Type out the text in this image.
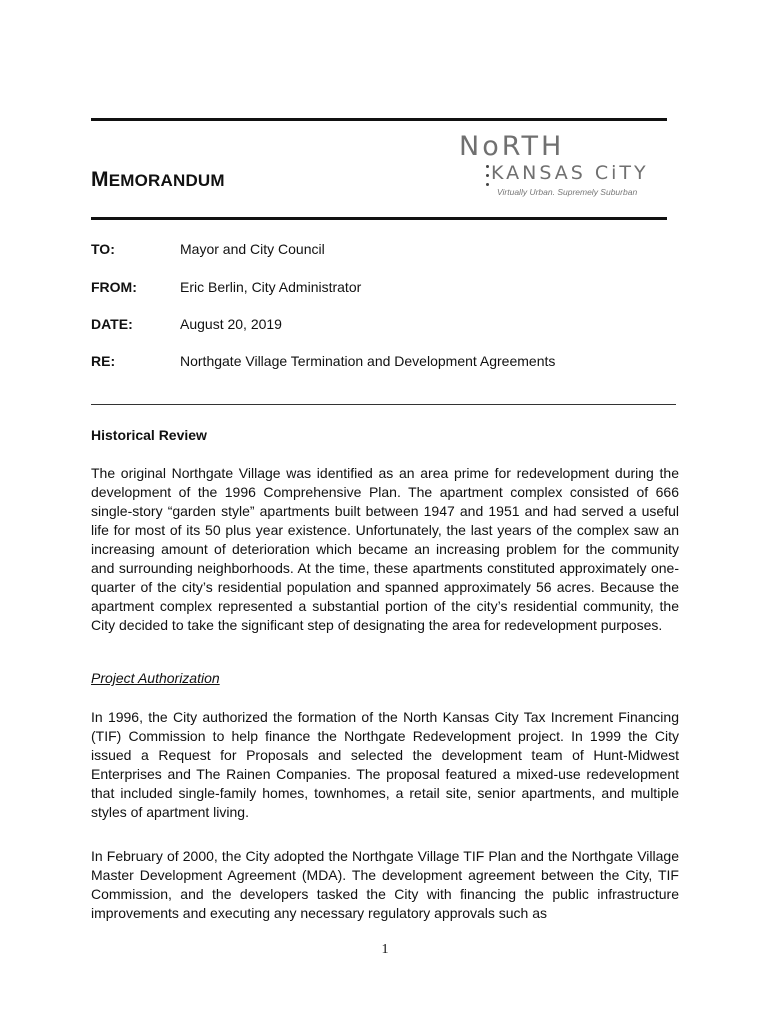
MEMORANDUM
NoRTH
KANSAS CiTY
Virtually Urban. Supremely Suburban
TO:	Mayor and City Council
FROM:	Eric Berlin, City Administrator
DATE:	August 20, 2019
RE:	Northgate Village Termination and Development Agreements
Historical Review

The original Northgate Village was identified as an area prime for redevelopment during the development of the 1996 Comprehensive Plan. The apartment complex consisted of 666 single-story “garden style” apartments built between 1947 and 1951 and had served a useful life for most of its 50 plus year existence. Unfortunately, the last years of the complex saw an increasing amount of deterioration which became an increasing problem for the community and surrounding neighborhoods. At the time, these apartments constituted approximately one-quarter of the city’s residential population and spanned approximately 56 acres. Because the apartment complex represented a substantial portion of the city’s residential community, the City decided to take the significant step of designating the area for redevelopment purposes.

Project Authorization

In 1996, the City authorized the formation of the North Kansas City Tax Increment Financing (TIF) Commission to help finance the Northgate Redevelopment project. In 1999 the City issued a Request for Proposals and selected the development team of Hunt-Midwest Enterprises and The Rainen Companies. The proposal featured a mixed-use redevelopment that included single-family homes, townhomes, a retail site, senior apartments, and multiple styles of apartment living.

In February of 2000, the City adopted the Northgate Village TIF Plan and the Northgate Village Master Development Agreement (MDA). The development agreement between the City, TIF Commission, and the developers tasked the City with financing the public infrastructure improvements and executing any necessary regulatory approvals such as

1
